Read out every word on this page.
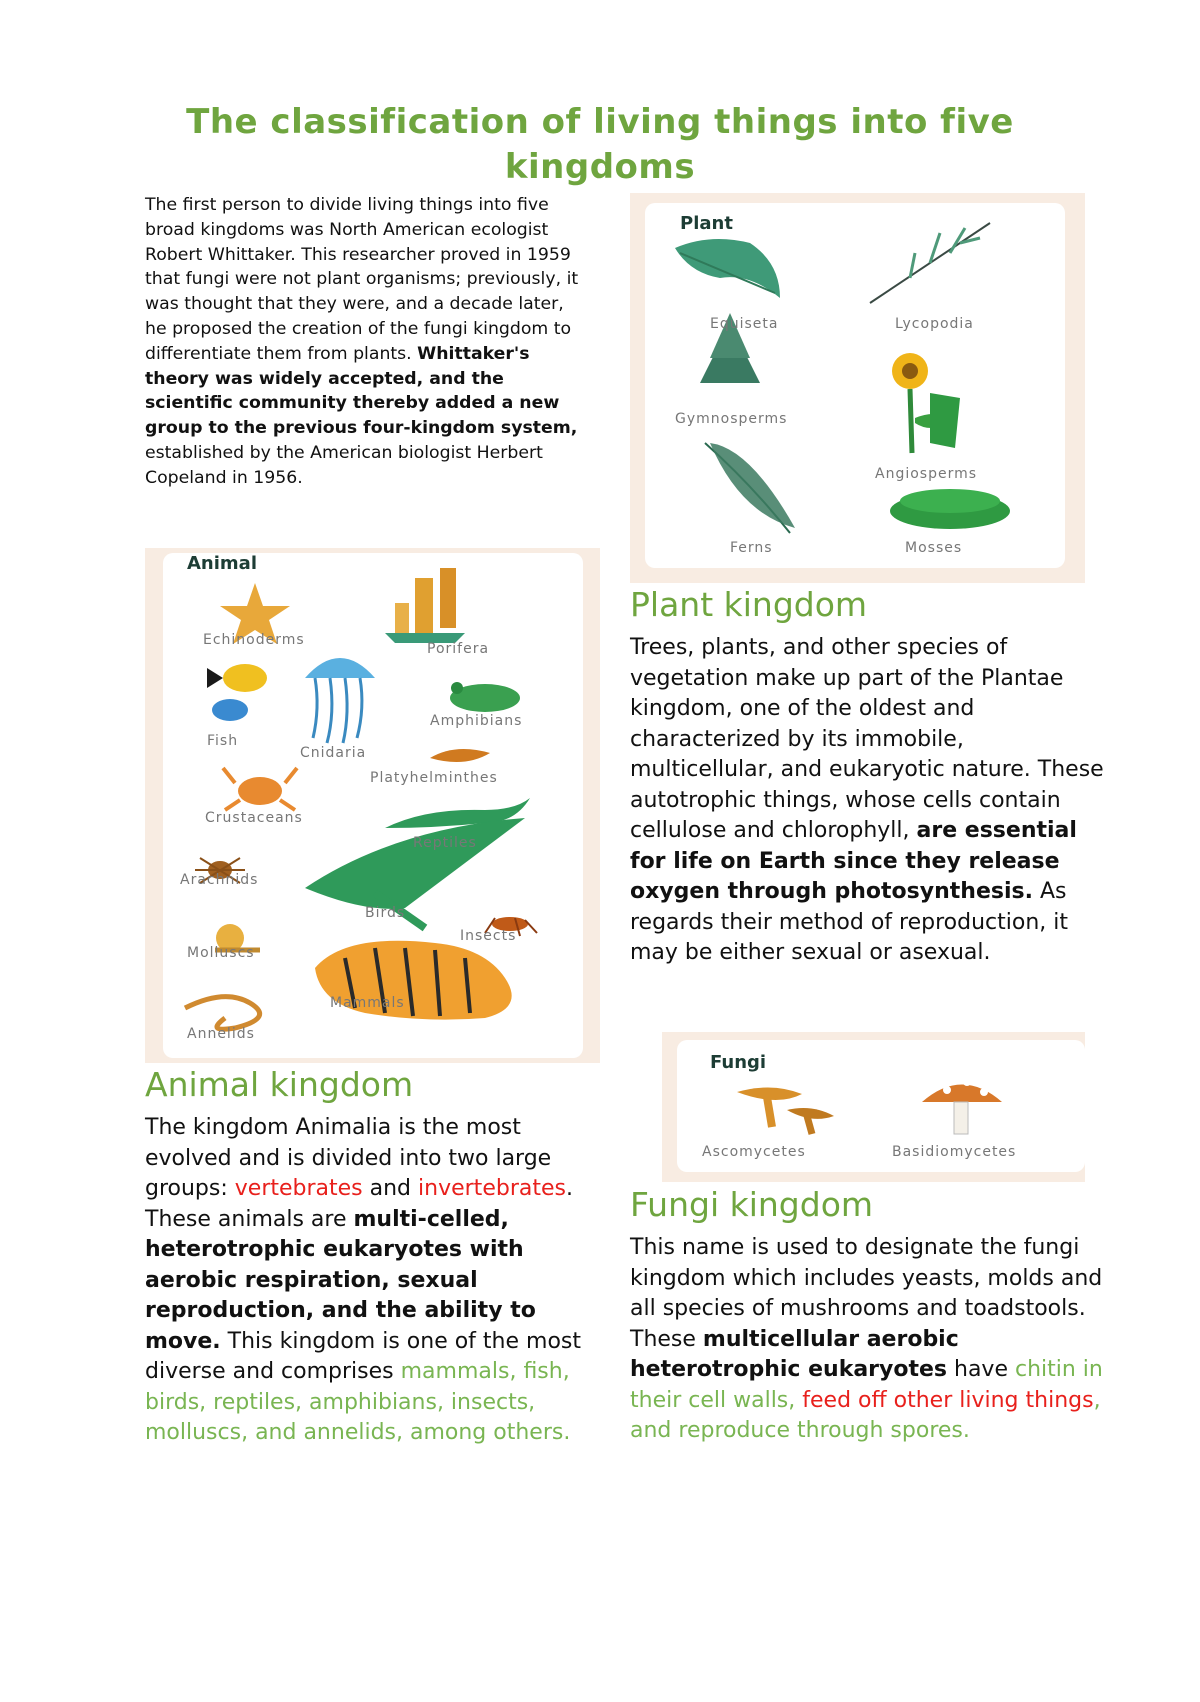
The classification of living things into five kingdoms
The first person to divide living things into five broad kingdoms was North American ecologist Robert Whittaker. This researcher proved in 1959 that fungi were not plant organisms; previously, it was thought that they were, and a decade later, he proposed the creation of the fungi kingdom to differentiate them from plants. Whittaker's theory was widely accepted, and the scientific community thereby added a new group to the previous four-kingdom system, established by the American biologist Herbert Copeland in 1956.
Plant
Equiseta	Lycopodia
Gymnosperms
Angiosperms
Ferns	Mosses
Animal
Echinoderms
Porifera
Fish
Cnidaria
Amphibians
Platyhelminthes
Crustaceans
Reptiles
Arachnids
Birds
Insects
Molluscs
Mammals
Annelids
Fungi
Ascomycetes	Basidiomycetes
Plant kingdom
Trees, plants, and other species of vegetation make up part of the Plantae kingdom, one of the oldest and characterized by its immobile, multicellular, and eukaryotic nature. These autotrophic things, whose cells contain cellulose and chlorophyll, are essential for life on Earth since they release oxygen through photosynthesis. As regards their method of reproduction, it may be either sexual or asexual.
Animal kingdom
The kingdom Animalia is the most evolved and is divided into two large groups: vertebrates and invertebrates. These animals are multi-celled, heterotrophic eukaryotes with aerobic respiration, sexual reproduction, and the ability to move. This kingdom is one of the most diverse and comprises mammals, fish, birds, reptiles, amphibians, insects, molluscs, and annelids, among others.
Fungi kingdom
This name is used to designate the fungi kingdom which includes yeasts, molds and all species of mushrooms and toadstools. These multicellular aerobic heterotrophic eukaryotes have chitin in their cell walls, feed off other living things, and reproduce through spores.
